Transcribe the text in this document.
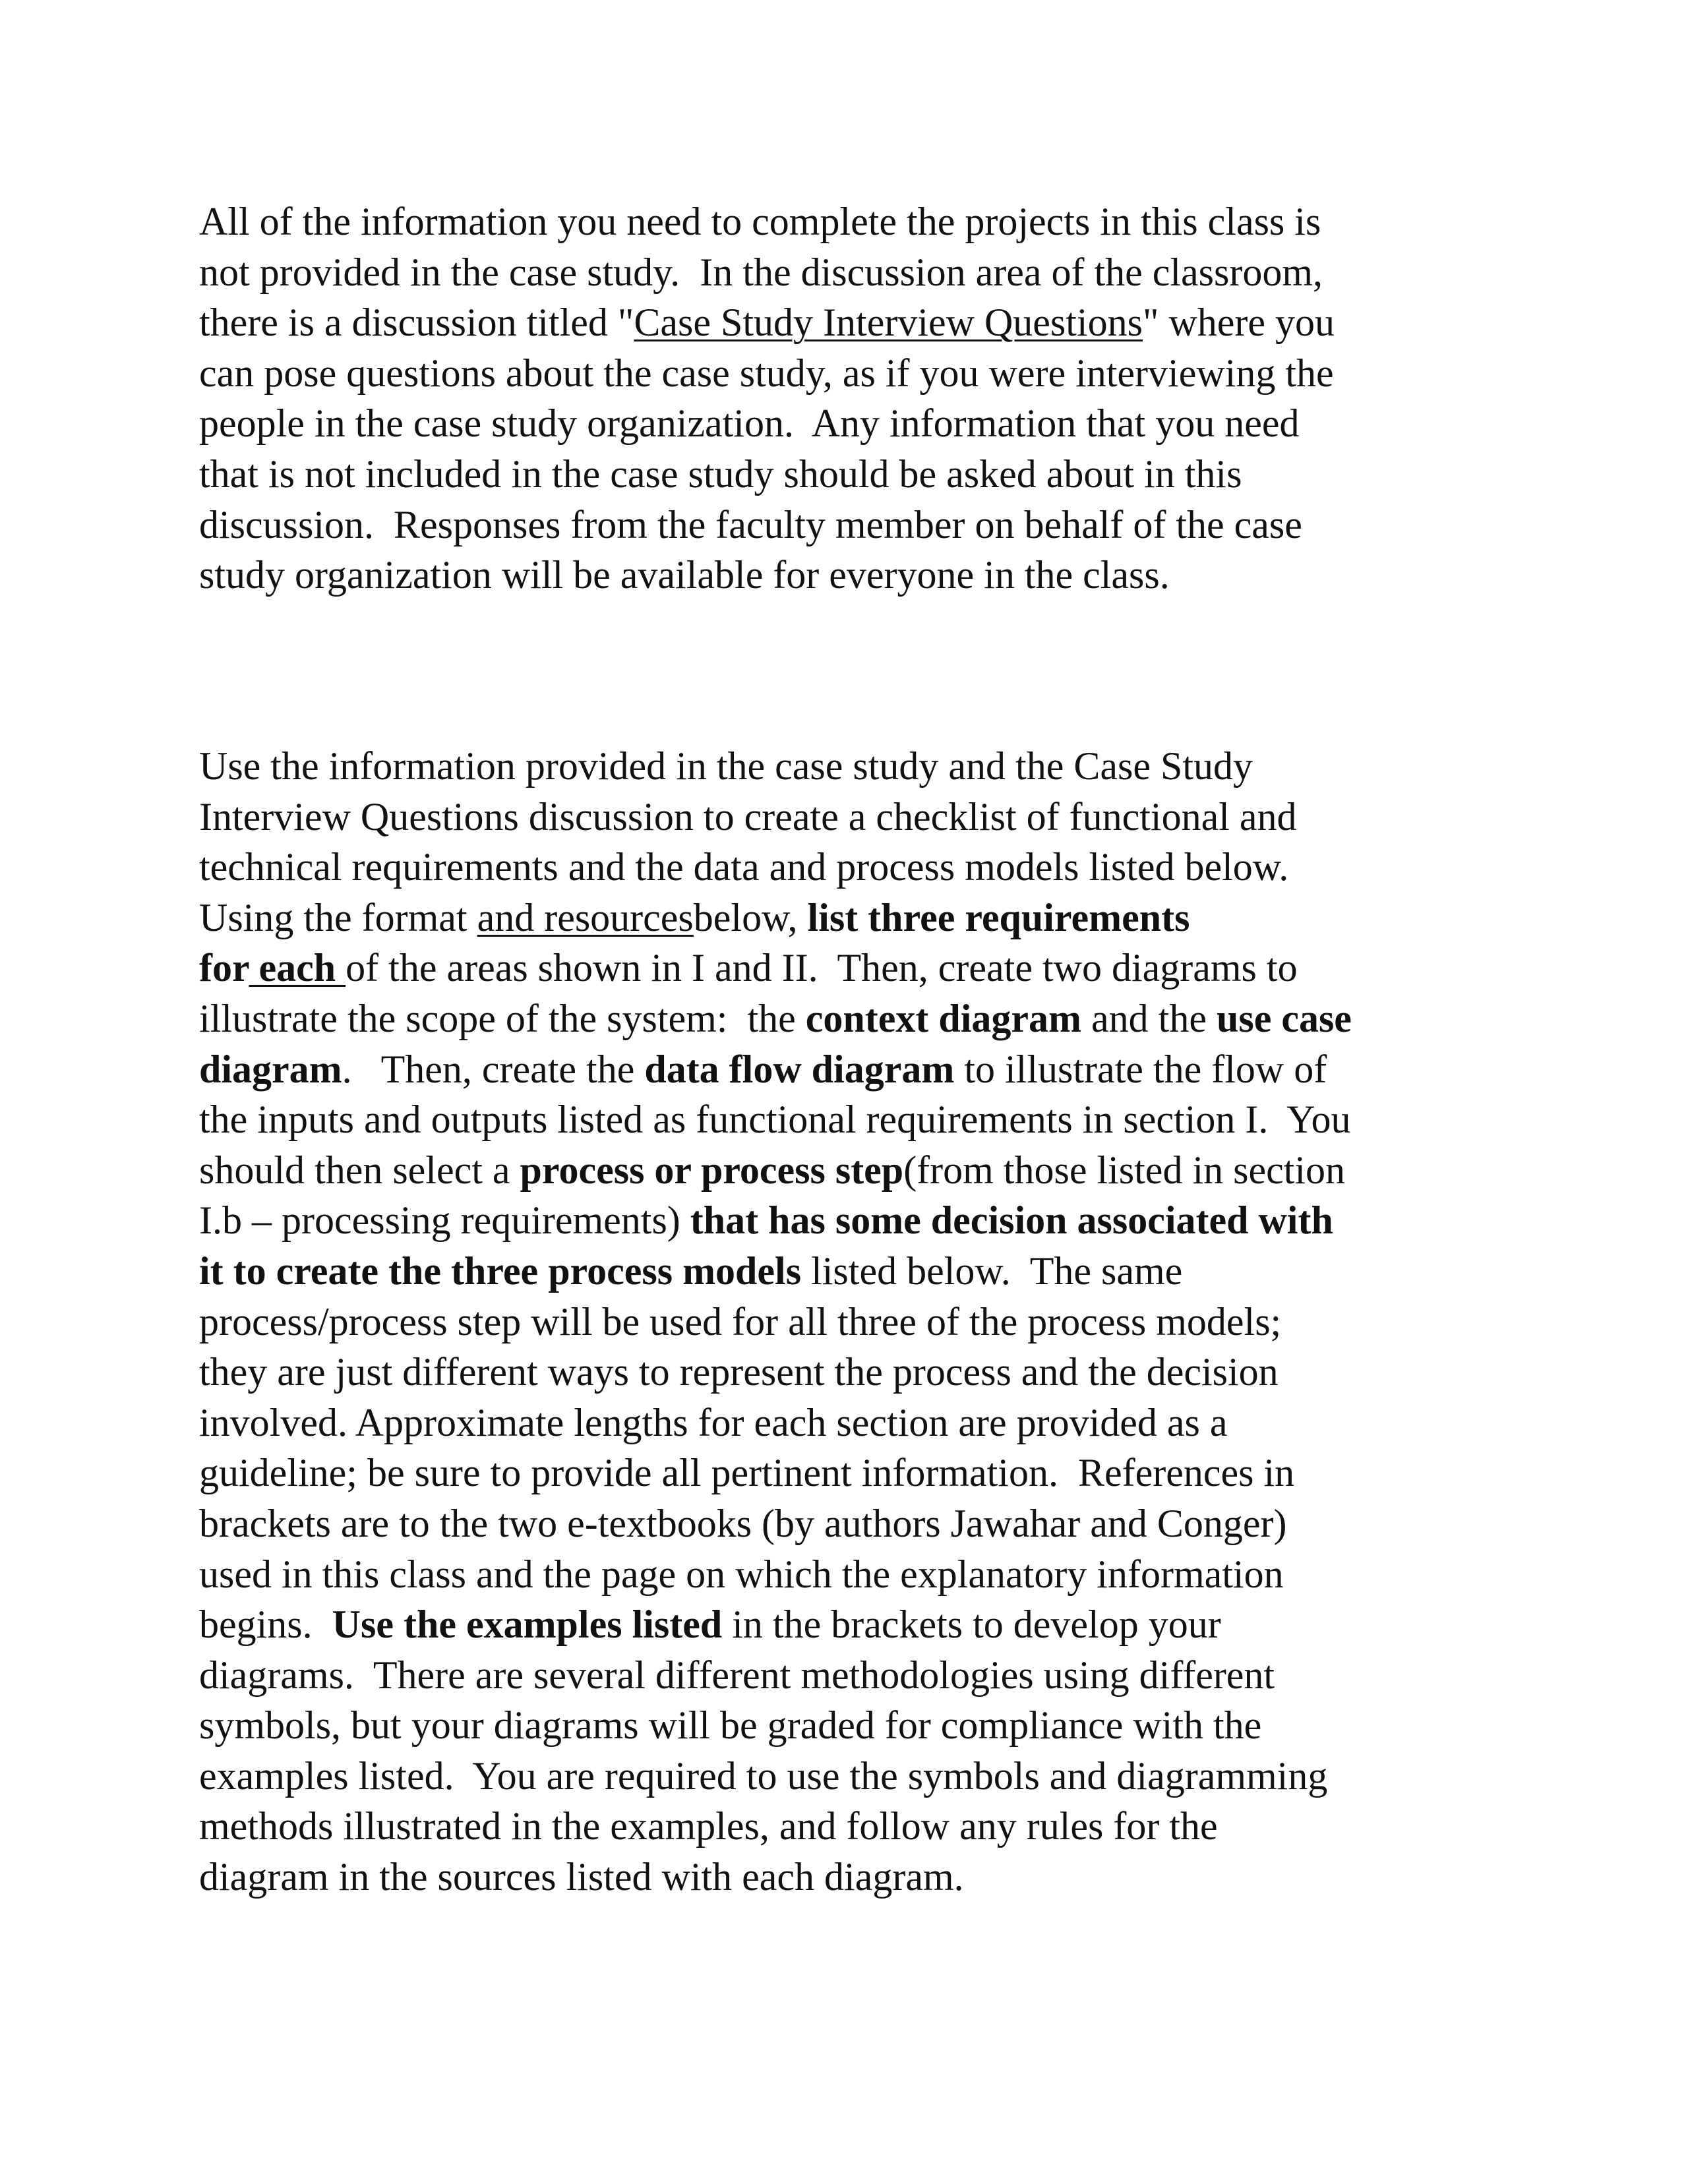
All of the information you need to complete the projects in this class is
not provided in the case study.  In the discussion area of the classroom,
there is a discussion titled "Case Study Interview Questions" where you
can pose questions about the case study, as if you were interviewing the
people in the case study organization.  Any information that you need
that is not included in the case study should be asked about in this
discussion.  Responses from the faculty member on behalf of the case
study organization will be available for everyone in the class.
Use the information provided in the case study and the Case Study
Interview Questions discussion to create a checklist of functional and
technical requirements and the data and process models listed below.
Using the format and resourcesbelow, list three requirements
for each of the areas shown in I and II.  Then, create two diagrams to
illustrate the scope of the system:  the context diagram and the use case
diagram.   Then, create the data flow diagram to illustrate the flow of
the inputs and outputs listed as functional requirements in section I.  You
should then select a process or process step(from those listed in section
I.b – processing requirements) that has some decision associated with
it to create the three process models listed below.  The same
process/process step will be used for all three of the process models;
they are just different ways to represent the process and the decision
involved. Approximate lengths for each section are provided as a
guideline; be sure to provide all pertinent information.  References in
brackets are to the two e-textbooks (by authors Jawahar and Conger)
used in this class and the page on which the explanatory information
begins.  Use the examples listed in the brackets to develop your
diagrams.  There are several different methodologies using different
symbols, but your diagrams will be graded for compliance with the
examples listed.  You are required to use the symbols and diagramming
methods illustrated in the examples, and follow any rules for the
diagram in the sources listed with each diagram.
